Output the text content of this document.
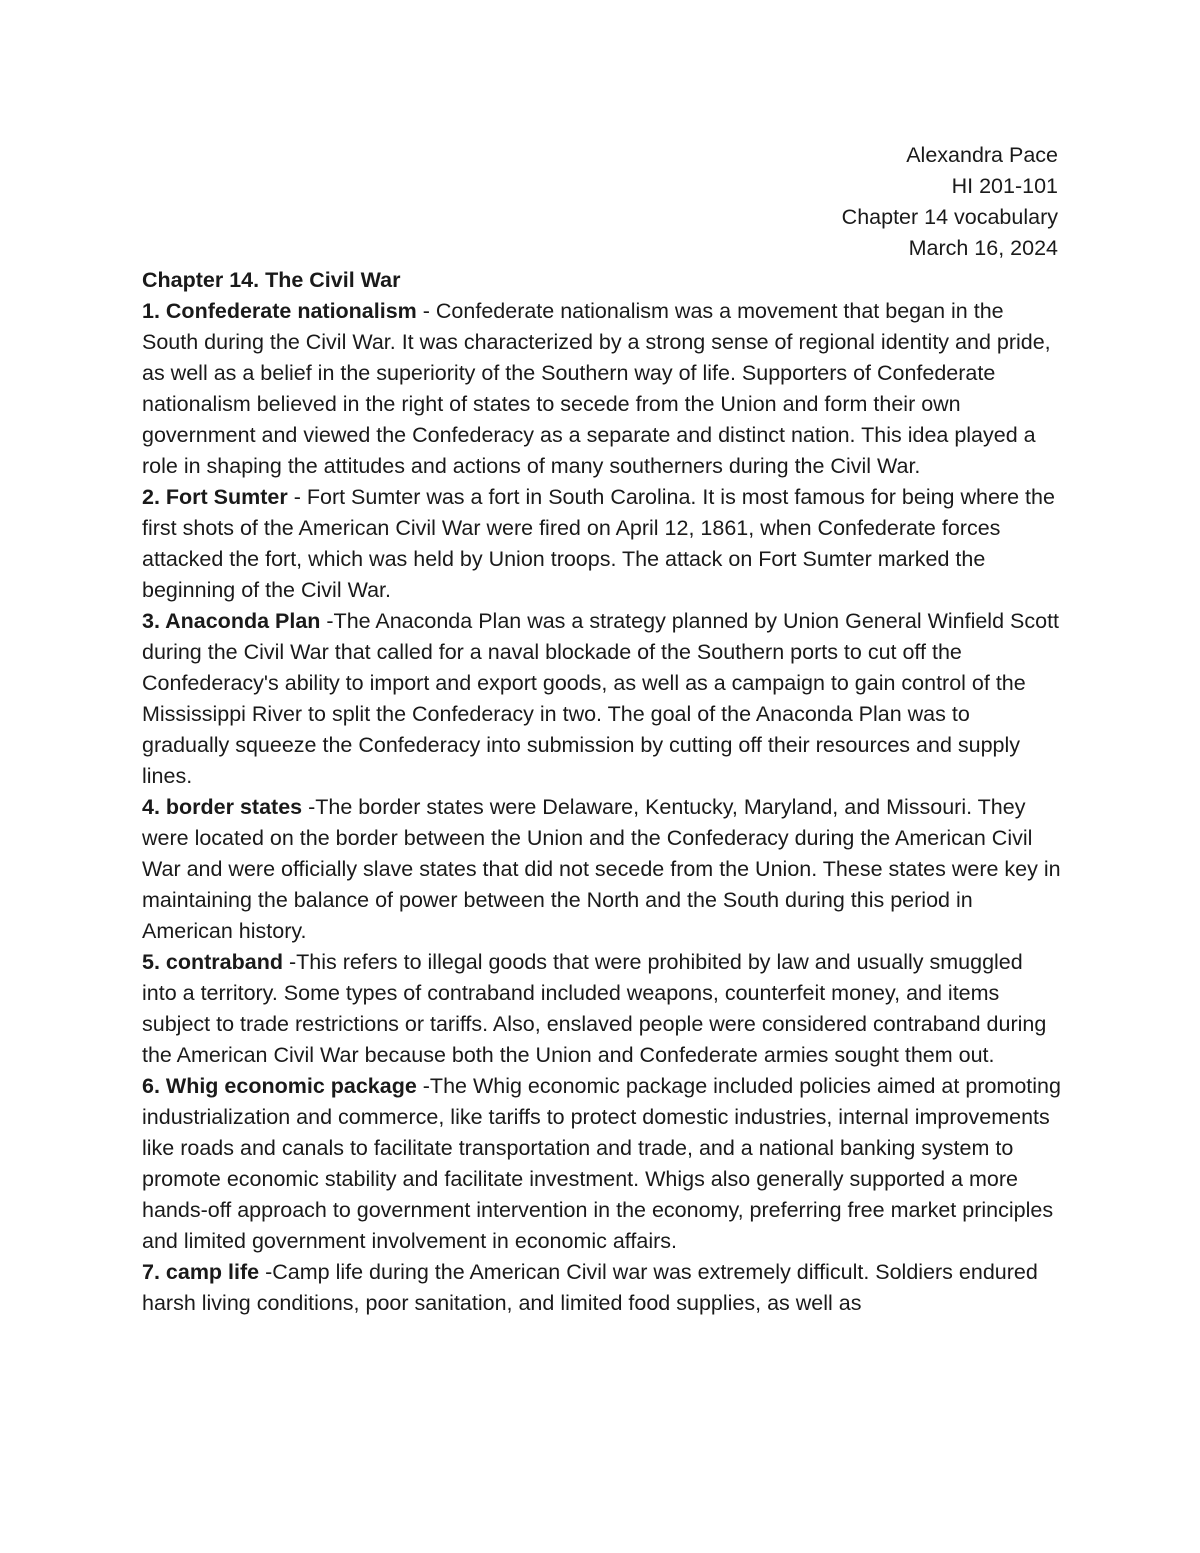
Alexandra Pace
HI 201-101
Chapter 14 vocabulary
March 16, 2024

Chapter 14. The Civil War

1. Confederate nationalism - Confederate nationalism was a movement that began in the South during the Civil War. It was characterized by a strong sense of regional identity and pride, as well as a belief in the superiority of the Southern way of life. Supporters of Confederate nationalism believed in the right of states to secede from the Union and form their own government and viewed the Confederacy as a separate and distinct nation. This idea played a role in shaping the attitudes and actions of many southerners during the Civil War.

2. Fort Sumter - Fort Sumter was a fort in South Carolina. It is most famous for being where the first shots of the American Civil War were fired on April 12, 1861, when Confederate forces attacked the fort, which was held by Union troops. The attack on Fort Sumter marked the beginning of the Civil War.

3. Anaconda Plan -The Anaconda Plan was a strategy planned by Union General Winfield Scott during the Civil War that called for a naval blockade of the Southern ports to cut off the Confederacy's ability to import and export goods, as well as a campaign to gain control of the Mississippi River to split the Confederacy in two. The goal of the Anaconda Plan was to gradually squeeze the Confederacy into submission by cutting off their resources and supply lines.

4. border states -The border states were Delaware, Kentucky, Maryland, and Missouri. They were located on the border between the Union and the Confederacy during the American Civil War and were officially slave states that did not secede from the Union. These states were key in maintaining the balance of power between the North and the South during this period in American history.

5. contraband -This refers to illegal goods that were prohibited by law and usually smuggled into a territory. Some types of contraband included weapons, counterfeit money, and items subject to trade restrictions or tariffs. Also, enslaved people were considered contraband during the American Civil War because both the Union and Confederate armies sought them out.

6. Whig economic package -The Whig economic package included policies aimed at promoting industrialization and commerce, like tariffs to protect domestic industries, internal improvements like roads and canals to facilitate transportation and trade, and a national banking system to promote economic stability and facilitate investment. Whigs also generally supported a more hands-off approach to government intervention in the economy, preferring free market principles and limited government involvement in economic affairs.

7. camp life -Camp life during the American Civil war was extremely difficult. Soldiers endured harsh living conditions, poor sanitation, and limited food supplies, as well as
